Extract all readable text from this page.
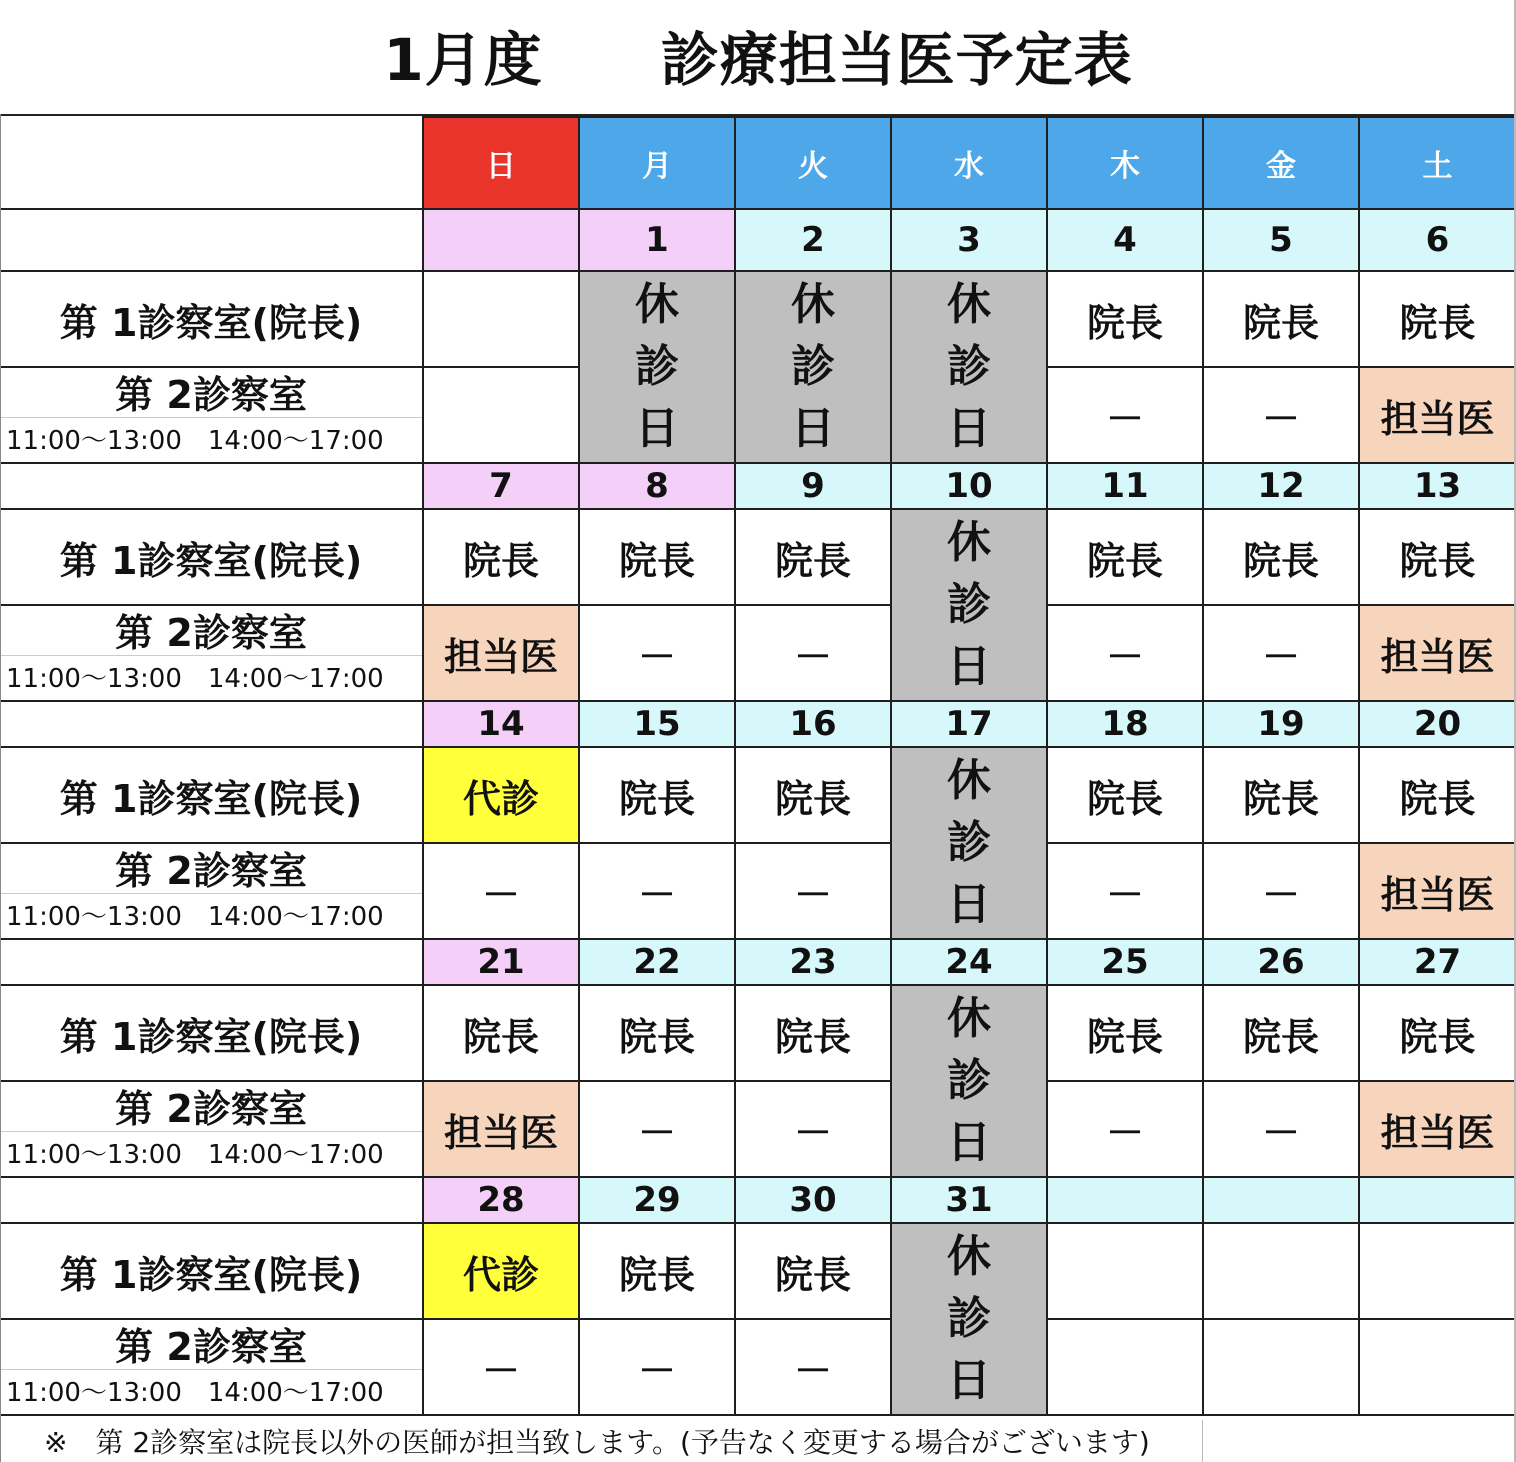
1月度　　診療担当医予定表
	日	月	火	水	木	金	土
		1	2	3	4	5	6
第 1診察室(院長)		休診日	休診日	休診日	院長	院長	院長

第 2診察室
11:00～13:00　14:00～17:00					－	－	担当医
	7	8	9	10	11	12	13
第 1診察室(院長)	院長	院長	院長	休診日	院長	院長	院長

第 2診察室
11:00～13:00　14:00～17:00	担当医	－	－		－	－	担当医
	14	15	16	17	18	19	20
第 1診察室(院長)	代診	院長	院長	休診日	院長	院長	院長

第 2診察室
11:00～13:00　14:00～17:00	－	－	－		－	－	担当医
	21	22	23	24	25	26	27
第 1診察室(院長)	院長	院長	院長	休診日	院長	院長	院長

第 2診察室
11:00～13:00　14:00～17:00	担当医	－	－		－	－	担当医
	28	29	30	31			
第 1診察室(院長)	代診	院長	院長	休診日			

第 2診察室
11:00～13:00　14:00～17:00	－	－	－				
※　第 2診察室は院長以外の医師が担当致します。(予告なく変更する場合がございます)
